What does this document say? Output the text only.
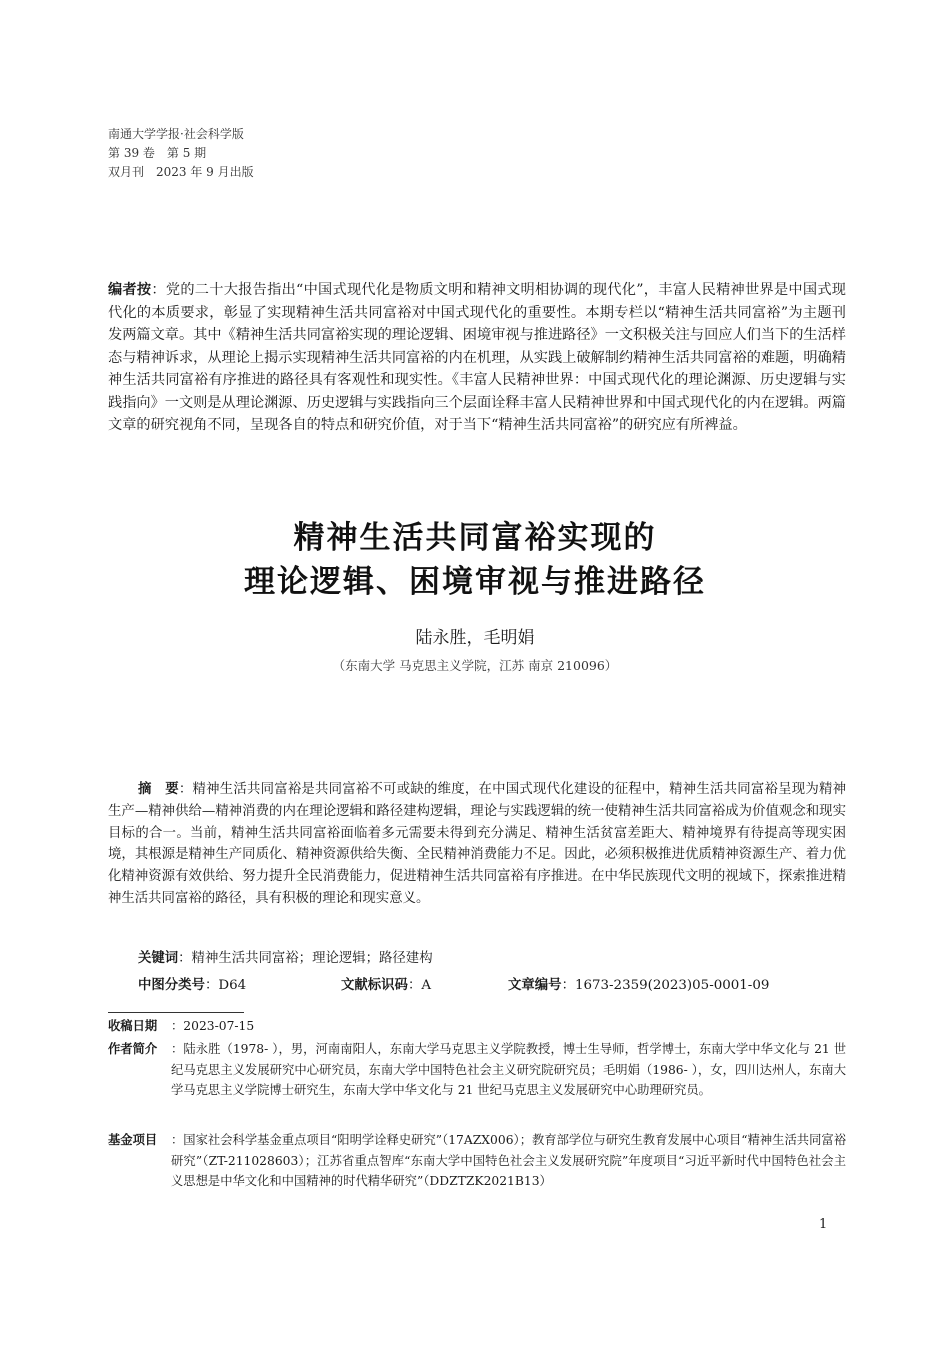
南通大学学报·社会科学版
第 39 卷　第 5 期
双月刊　2023 年 9 月出版
编者按：党的二十大报告指出“中国式现代化是物质文明和精神文明相协调的现代化”，丰富人民精神世界是中国式现代化的本质要求，彰显了实现精神生活共同富裕对中国式现代化的重要性。本期专栏以“精神生活共同富裕”为主题刊发两篇文章。其中《精神生活共同富裕实现的理论逻辑、困境审视与推进路径》一文积极关注与回应人们当下的生活样态与精神诉求，从理论上揭示实现精神生活共同富裕的内在机理，从实践上破解制约精神生活共同富裕的难题，明确精神生活共同富裕有序推进的路径具有客观性和现实性。《丰富人民精神世界：中国式现代化的理论渊源、历史逻辑与实践指向》一文则是从理论渊源、历史逻辑与实践指向三个层面诠释丰富人民精神世界和中国式现代化的内在逻辑。两篇文章的研究视角不同，呈现各自的特点和研究价值，对于当下“精神生活共同富裕”的研究应有所裨益。
精神生活共同富裕实现的
理论逻辑、困境审视与推进路径
陆永胜，毛明娟
（东南大学 马克思主义学院，江苏 南京 210096）
摘　要：精神生活共同富裕是共同富裕不可或缺的维度，在中国式现代化建设的征程中，精神生活共同富裕呈现为精神生产—精神供给—精神消费的内在理论逻辑和路径建构逻辑，理论与实践逻辑的统一使精神生活共同富裕成为价值观念和现实目标的合一。当前，精神生活共同富裕面临着多元需要未得到充分满足、精神生活贫富差距大、精神境界有待提高等现实困境，其根源是精神生产同质化、精神资源供给失衡、全民精神消费能力不足。因此，必须积极推进优质精神资源生产、着力优化精神资源有效供给、努力提升全民消费能力，促进精神生活共同富裕有序推进。在中华民族现代文明的视域下，探索推进精神生活共同富裕的路径，具有积极的理论和现实意义。
关键词：精神生活共同富裕；理论逻辑；路径建构
中图分类号：D64	文献标识码：A	文章编号：1673-2359(2023)05-0001-09
收稿日期 ：2023-07-15
作者简介 ：陆永胜（1978- ），男，河南南阳人，东南大学马克思主义学院教授，博士生导师，哲学博士，东南大学中华文化与 21 世纪马克思主义发展研究中心研究员，东南大学中国特色社会主义研究院研究员；毛明娟（1986- ），女，四川达州人，东南大学马克思主义学院博士研究生，东南大学中华文化与 21 世纪马克思主义发展研究中心助理研究员。
基金项目 ：国家社会科学基金重点项目“阳明学诠释史研究”（17AZX006）；教育部学位与研究生教育发展中心项目“精神生活共同富裕研究”（ZT-211028603）；江苏省重点智库“东南大学中国特色社会主义发展研究院”年度项目“习近平新时代中国特色社会主义思想是中华文化和中国精神的时代精华研究”（DDZTZK2021B13）
1
